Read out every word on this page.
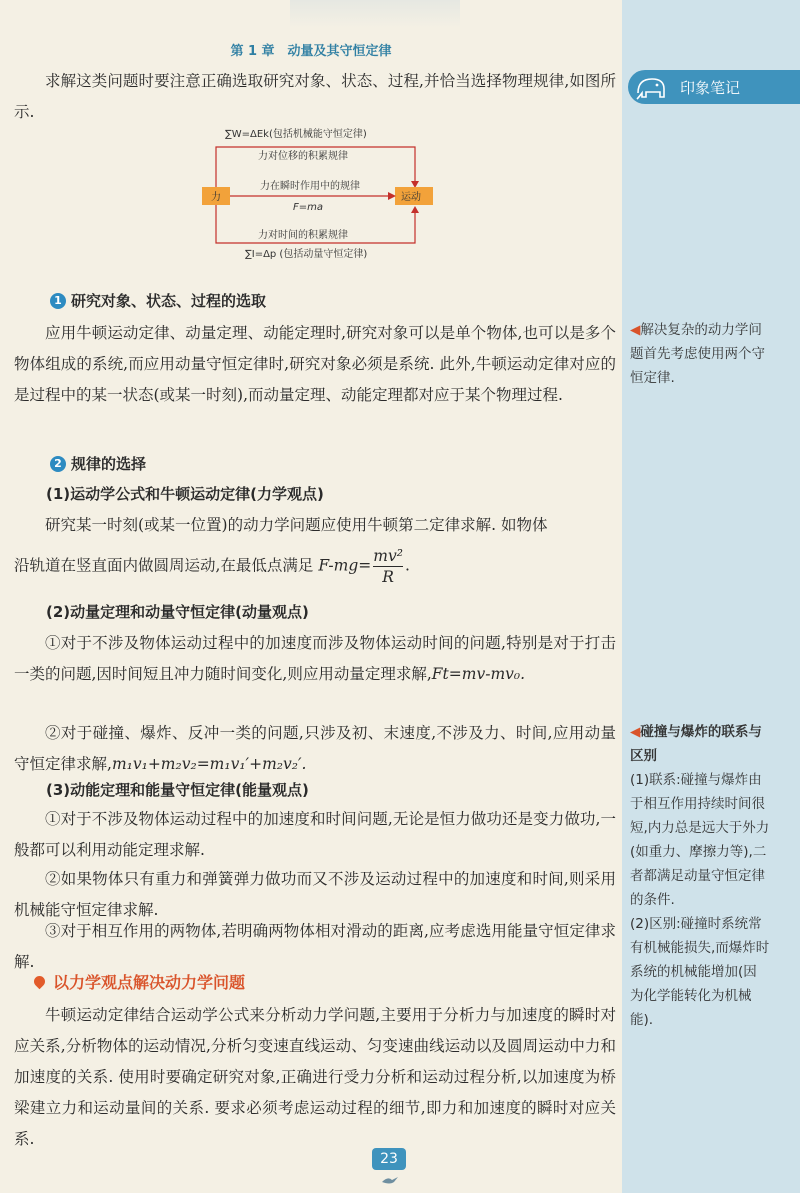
第 1 章　动量及其守恒定律

求解这类问题时要注意正确选取研究对象、状态、过程,并恰当选择物理规律,如图所示.

∑W=ΔEk(包括机械能守恒定律)
力对位移的积累规律
力	运动
力在瞬时作用中的规律
F=ma
力对时间的积累规律
∑I=Δp (包括动量守恒定律)
1 研究对象、状态、过程的选取

应用牛顿运动定律、动量定理、动能定理时,研究对象可以是单个物体,也可以是多个物体组成的系统,而应用动量守恒定律时,研究对象必须是系统. 此外,牛顿运动定律对应的是过程中的某一状态(或某一时刻),而动量定理、动能定理都对应于某个物理过程.

2 规律的选择
(1)运动学公式和牛顿运动定律(力学观点)

研究某一时刻(或某一位置)的动力学问题应使用牛顿第二定律求解. 如物体

沿轨道在竖直面内做圆周运动,在最低点满足 $F-mg= \frac{\text{mv²}}{R}$ .
(2)动量定理和动量守恒定律(动量观点)

①对于不涉及物体运动过程中的加速度而涉及物体运动时间的问题,特别是对于打击一类的问题,因时间短且冲力随时间变化,则应用动量定理求解,Ft=mv-mv₀.

②对于碰撞、爆炸、反冲一类的问题,只涉及初、末速度,不涉及力、时间,应用动量守恒定律求解,m₁v₁+m₂v₂=m₁v₁′+m₂v₂′.

(3)动能定理和能量守恒定律(能量观点)

①对于不涉及物体运动过程中的加速度和时间问题,无论是恒力做功还是变力做功,一般都可以利用动能定理求解.

②如果物体只有重力和弹簧弹力做功而又不涉及运动过程中的加速度和时间,则采用机械能守恒定律求解.

③对于相互作用的两物体,若明确两物体相对滑动的距离,应考虑选用能量守恒定律求解.

以力学观点解决动力学问题

牛顿运动定律结合运动学公式来分析动力学问题,主要用于分析力与加速度的瞬时对应关系,分析物体的运动情况,分析匀变速直线运动、匀变速曲线运动以及圆周运动中力和加速度的关系. 使用时要确定研究对象,正确进行受力分析和运动过程分析,以加速度为桥梁建立力和运动量间的关系. 要求必须考虑运动过程的细节,即力和加速度的瞬时对应关系.

印象笔记
◀解决复杂的动力学问题首先考虑使用两个守恒定律.
◀碰撞与爆炸的联系与区别
(1)联系:碰撞与爆炸由于相互作用持续时间很短,内力总是远大于外力(如重力、摩擦力等),二者都满足动量守恒定律的条件.
(2)区别:碰撞时系统常有机械能损失,而爆炸时系统的机械能增加(因为化学能转化为机械能).
23
